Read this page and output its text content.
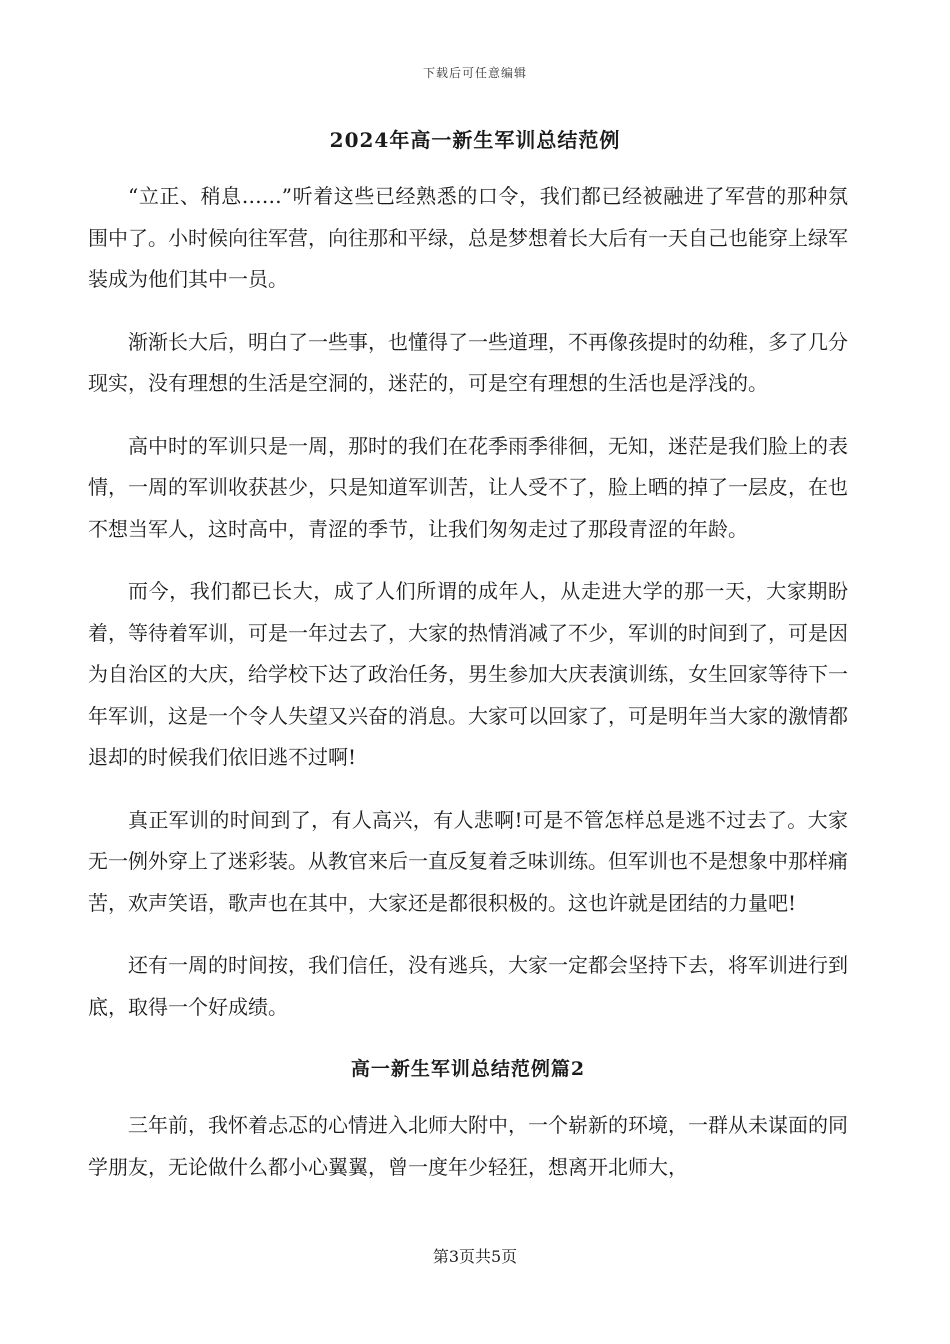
下载后可任意编辑
2024年高一新生军训总结范例

“立正、稍息……”听着这些已经熟悉的口令，我们都已经被融进了军营的那种氛围中了。小时候向往军营，向往那和平绿，总是梦想着长大后有一天自己也能穿上绿军装成为他们其中一员。

渐渐长大后，明白了一些事，也懂得了一些道理，不再像孩提时的幼稚，多了几分现实，没有理想的生活是空洞的，迷茫的，可是空有理想的生活也是浮浅的。

高中时的军训只是一周，那时的我们在花季雨季徘徊，无知，迷茫是我们脸上的表情，一周的军训收获甚少，只是知道军训苦，让人受不了，脸上晒的掉了一层皮，在也不想当军人，这时高中，青涩的季节，让我们匆匆走过了那段青涩的年龄。

而今，我们都已长大，成了人们所谓的成年人，从走进大学的那一天，大家期盼着，等待着军训，可是一年过去了，大家的热情消减了不少，军训的时间到了，可是因为自治区的大庆，给学校下达了政治任务，男生参加大庆表演训练，女生回家等待下一年军训，这是一个令人失望又兴奋的消息。大家可以回家了，可是明年当大家的激情都退却的时候我们依旧逃不过啊!

真正军训的时间到了，有人高兴，有人悲啊!可是不管怎样总是逃不过去了。大家无一例外穿上了迷彩装。从教官来后一直反复着乏味训练。但军训也不是想象中那样痛苦，欢声笑语，歌声也在其中，大家还是都很积极的。这也许就是团结的力量吧!

还有一周的时间按，我们信任，没有逃兵，大家一定都会坚持下去，将军训进行到底，取得一个好成绩。

高一新生军训总结范例篇2

三年前，我怀着忐忑的心情进入北师大附中，一个崭新的环境，一群从未谋面的同学朋友，无论做什么都小心翼翼，曾一度年少轻狂，想离开北师大，

第3页共5页
